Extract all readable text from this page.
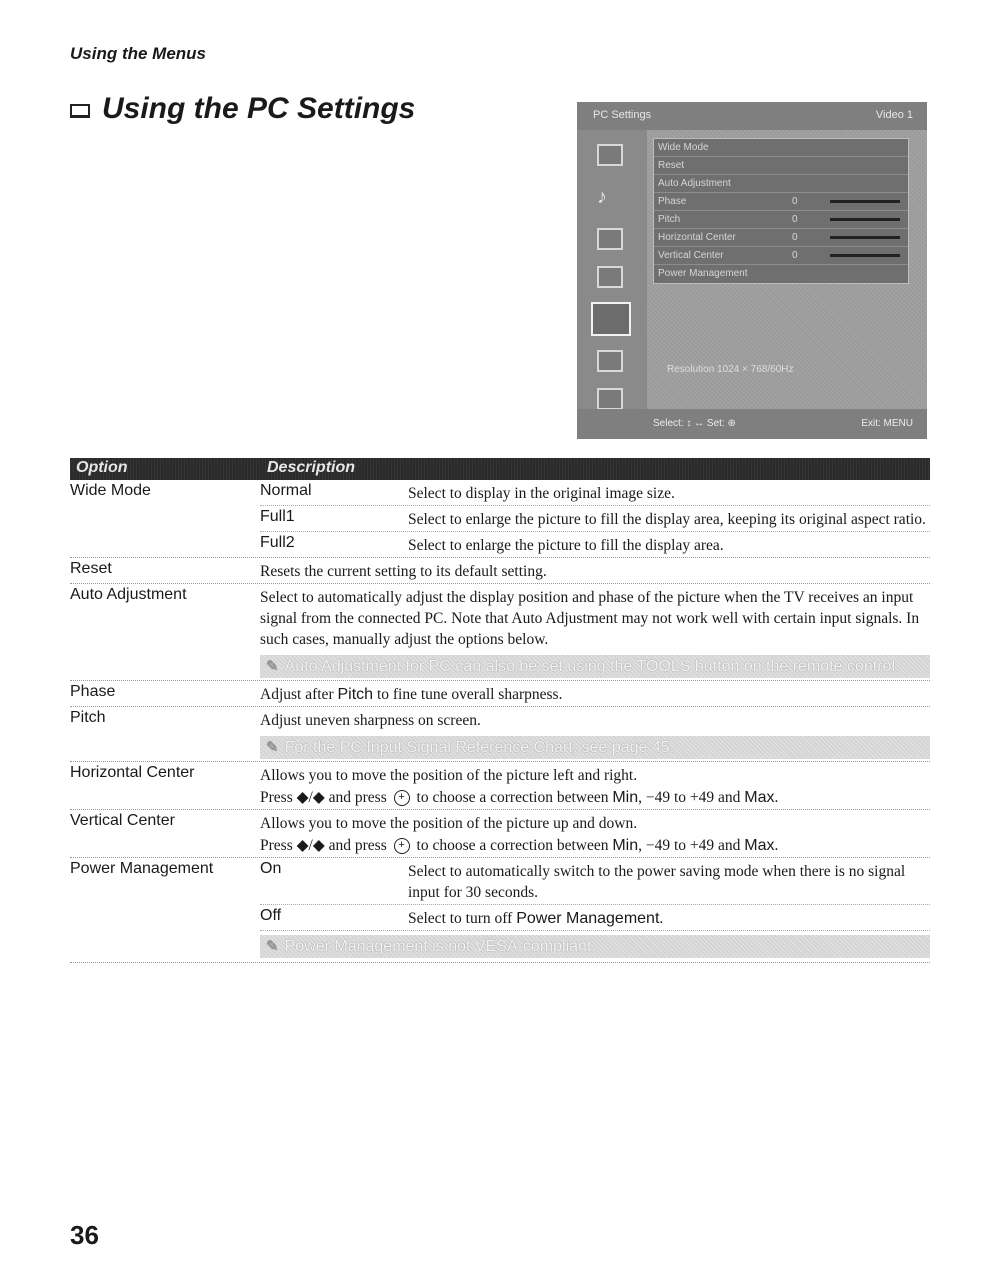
Using the Menus
Using the PC Settings	PC Settings	Video 1
♪
Wide Mode
Reset
Auto Adjustment
Phase	0
Pitch	0
Horizontal Center	0
Vertical Center	0
Power Management
Resolution 1024 × 768/60Hz
Select: ↕ ↔ Set: ⊕	Exit: MENU
Option	Description
Wide Mode	Normal	Select to display in the original image size.
Full1	Select to enlarge the picture to fill the display area, keeping its original aspect ratio.
Full2	Select to enlarge the picture to fill the display area.
Reset	Resets the current setting to its default setting.
Auto Adjustment	Select to automatically adjust the display position and phase of the picture when the TV receives an input signal from the connected PC. Note that Auto Adjustment may not work well with certain input signals. In such cases, manually adjust the options below.
✎ Auto Adjustment for PC can also be set using the TOOLS button on the remote control.
Phase	Adjust after Pitch to fine tune overall sharpness.
Pitch	Adjust uneven sharpness on screen.
✎ For the PC Input Signal Reference Chart, see page 45.
Horizontal Center	Allows you to move the position of the picture left and right.
Press ◆/◆ and press + to choose a correction between Min, −49 to +49 and Max.
Vertical Center	Allows you to move the position of the picture up and down.
Press ◆/◆ and press + to choose a correction between Min, −49 to +49 and Max.
Power Management	On	Select to automatically switch to the power saving mode when there is no signal input for 30 seconds.
Off	Select to turn off Power Management.
✎ Power Management is not VESA-compliant.
36
